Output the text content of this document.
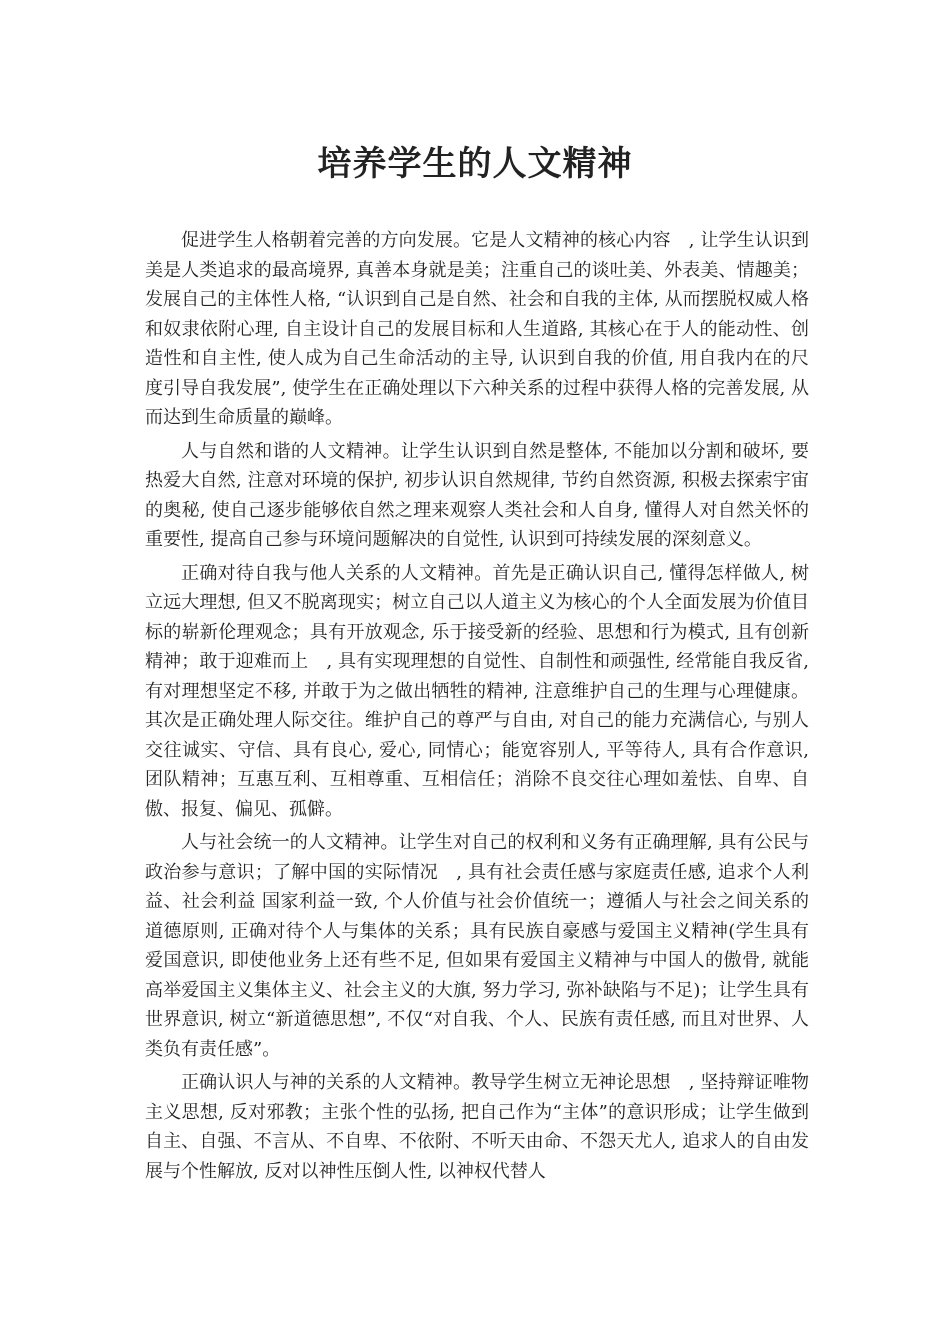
培养学生的人文精神

促进学生人格朝着完善的方向发展。它是人文精神的核心内容　, 让学生认识到美是人类追求的最高境界, 真善本身就是美；注重自己的谈吐美、外表美、情趣美；发展自己的主体性人格, “认识到自己是自然、社会和自我的主体, 从而摆脱权威人格和奴隶依附心理, 自主设计自己的发展目标和人生道路, 其核心在于人的能动性、创造性和自主性, 使人成为自己生命活动的主导, 认识到自我的价值, 用自我内在的尺度引导自我发展”, 使学生在正确处理以下六种关系的过程中获得人格的完善发展, 从而达到生命质量的巅峰。

人与自然和谐的人文精神。让学生认识到自然是整体, 不能加以分割和破坏, 要热爱大自然, 注意对环境的保护, 初步认识自然规律, 节约自然资源, 积极去探索宇宙的奥秘, 使自己逐步能够依自然之理来观察人类社会和人自身, 懂得人对自然关怀的重要性, 提高自己参与环境问题解决的自觉性, 认识到可持续发展的深刻意义。

正确对待自我与他人关系的人文精神。首先是正确认识自己, 懂得怎样做人, 树立远大理想, 但又不脱离现实；树立自己以人道主义为核心的个人全面发展为价值目标的崭新伦理观念；具有开放观念, 乐于接受新的经验、思想和行为模式, 且有创新精神；敢于迎难而上　, 具有实现理想的自觉性、自制性和顽强性, 经常能自我反省, 有对理想坚定不移, 并敢于为之做出牺牲的精神, 注意维护自己的生理与心理健康。其次是正确处理人际交往。维护自己的尊严与自由, 对自己的能力充满信心, 与别人交往诚实、守信、具有良心, 爱心, 同情心；能宽容别人, 平等待人, 具有合作意识, 团队精神；互惠互利、互相尊重、互相信任；消除不良交往心理如羞怯、自卑、自傲、报复、偏见、孤僻。

人与社会统一的人文精神。让学生对自己的权利和义务有正确理解, 具有公民与政治参与意识；了解中国的实际情况　, 具有社会责任感与家庭责任感, 追求个人利益、社会利益 国家利益一致, 个人价值与社会价值统一；遵循人与社会之间关系的道德原则, 正确对待个人与集体的关系；具有民族自豪感与爱国主义精神(学生具有爱国意识, 即使他业务上还有些不足, 但如果有爱国主义精神与中国人的傲骨, 就能高举爱国主义集体主义、社会主义的大旗, 努力学习, 弥补缺陷与不足)；让学生具有世界意识, 树立“新道德思想”, 不仅“对自我、个人、民族有责任感, 而且对世界、人类负有责任感”。

正确认识人与神的关系的人文精神。教导学生树立无神论思想　, 坚持辩证唯物主义思想, 反对邪教；主张个性的弘扬, 把自己作为“主体”的意识形成；让学生做到自主、自强、不言从、不自卑、不依附、不听天由命、不怨天尤人, 追求人的自由发展与个性解放, 反对以神性压倒人性, 以神权代替人
